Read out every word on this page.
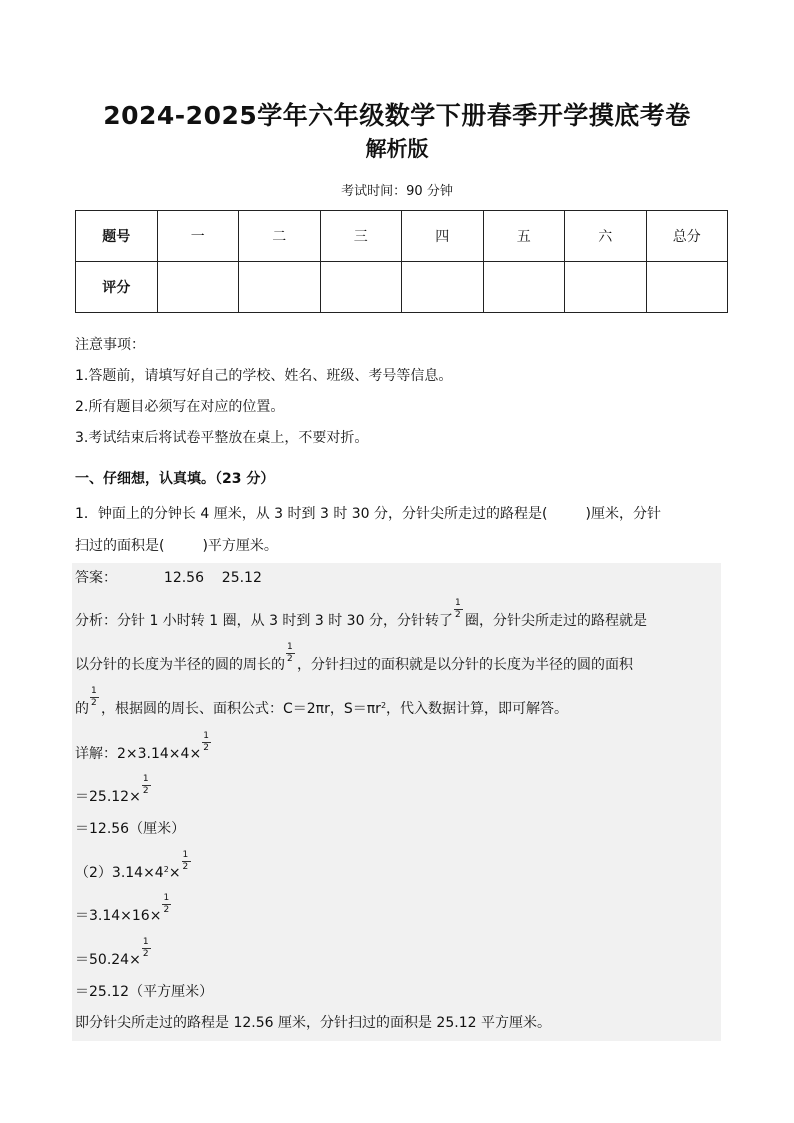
2024-2025学年六年级数学下册春季开学摸底考卷
解析版
考试时间：90 分钟
题号	一	二	三	四	五	六	总分
评分							
注意事项：
1.答题前，请填写好自己的学校、姓名、班级、考号等信息。
2.所有题目必须写在对应的位置。
3.考试结束后将试卷平整放在桌上，不要对折。
一、仔细想，认真填。（23 分）
1．钟面上的分钟长 4 厘米，从 3 时到 3 时 30 分，分针尖所走过的路程是(	)厘米，分针
扫过的面积是(	)平方厘米。
答案：	12.56    25.12
分析：分针 1 小时转 1 圈，从 3 时到 3 时 30 分，分针转了 $\frac{1}{2}$ 圈，分针尖所走过的路程就是
以分针的长度为半径的圆的周长的 $\frac{1}{2}$ ，分针扫过的面积就是以分针的长度为半径的圆的面积
的 $\frac{1}{2}$ ，根据圆的周长、面积公式：C＝2πr，$S=\pi r^2$，代入数据计算，即可解答。
详解：$2\times 3.14\times 4\times \frac{1}{2}$
$=25.12\times \frac{1}{2}$
＝12.56（厘米）
$(2)3.14\times 4^2\times \frac{1}{2}$
$=3.14\times 16\times \frac{1}{2}$
$=50.24\times \frac{1}{2}$
＝25.12（平方厘米）
即分针尖所走过的路程是 12.56 厘米，分针扫过的面积是 25.12 平方厘米。
